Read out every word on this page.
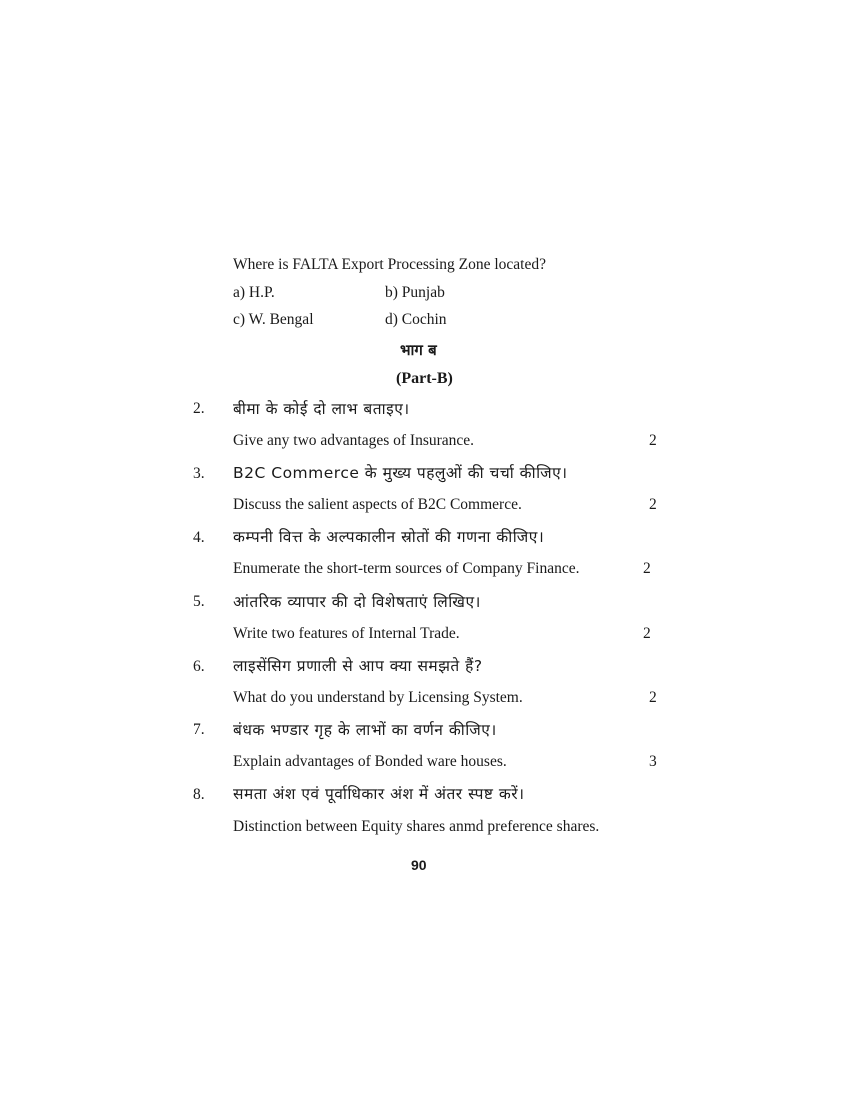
Where is FALTA Export Processing Zone located?
a) H.P.	b) Punjab
c) W. Bengal	d) Cochin
भाग ब
(Part-B)
2. बीमा के कोई दो लाभ बताइए।
Give any two advantages of Insurance.	2
3. B2C Commerce के मुख्य पहलुओं की चर्चा कीजिए।
Discuss the salient aspects of B2C Commerce.	2
4. कम्पनी वित्त के अल्पकालीन स्रोतों की गणना कीजिए।
Enumerate the short-term sources of Company Finance.	2
5. आंतरिक व्यापार की दो विशेषताएं लिखिए।
Write two features of Internal Trade.	2
6. लाइसेंसिग प्रणाली से आप क्या समझते हैं?
What do you understand by Licensing System.	2
7. बंधक भण्डार गृह के लाभों का वर्णन कीजिए।
Explain advantages of Bonded ware houses.	3
8. समता अंश एवं पूर्वाधिकार अंश में अंतर स्पष्ट करें।
Distinction between Equity shares anmd preference shares.
90
